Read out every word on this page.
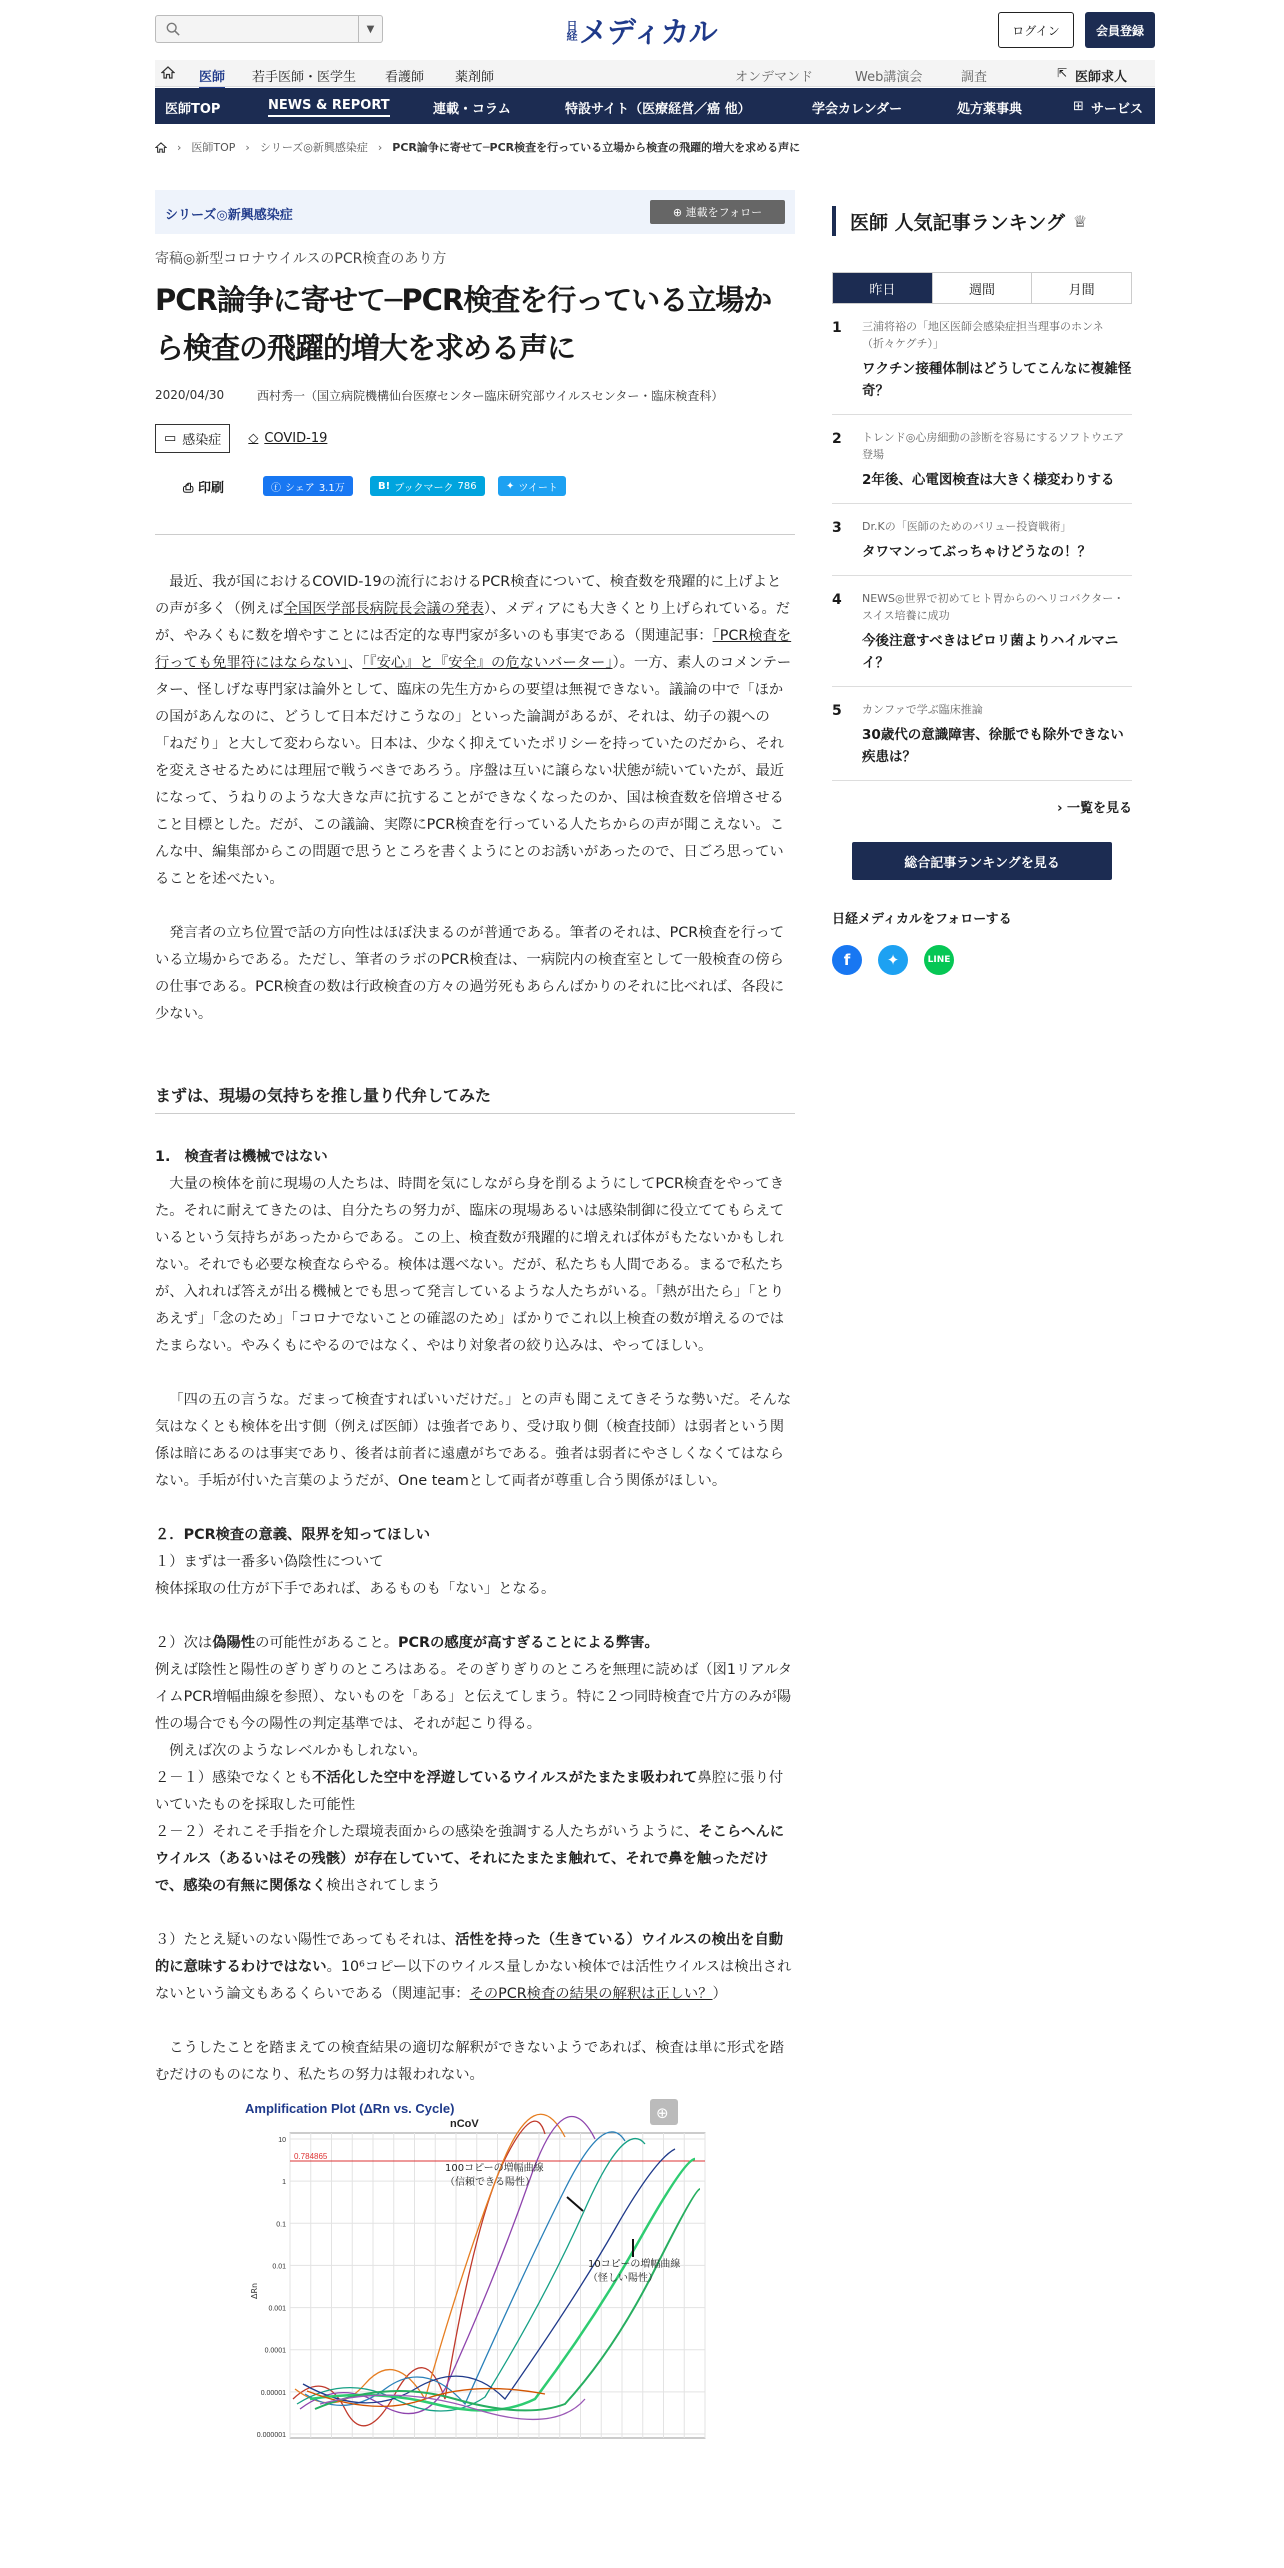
▼	日経 メディカル	ログイン	会員登録
医師 若手医師・医学生 看護師 薬剤師	オンデマンド	Web講演会	調査	⇱ 医師求人
医師TOP	NEWS & REPORT	連載・コラム	特設サイト（医療経営／癌 他）	学会カレンダー	処方薬事典	⊞ サービス
› 医師TOP › シリーズ◎新興感染症 › PCR論争に寄せて─PCR検査を行っている立場から検査の飛躍的増大を求める声に
シリーズ◎新興感染症	⊕ 連載をフォロー
寄稿◎新型コロナウイルスのPCR検査のあり方
PCR論争に寄せて─PCR検査を行っている立場から検査の飛躍的増大を求める声に
2020/04/30	西村秀一（国立病院機構仙台医療センター臨床研究部ウイルスセンター・臨床検査科）
▭ 感染症 ◇ COVID-19
⎙ 印刷	ⓕ シェア 3.1万	B! ブックマーク 786	✦ ツイート

最近、我が国におけるCOVID-19の流行におけるPCR検査について、検査数を飛躍的に上げよとの声が多く（例えば全国医学部長病院長会議の発表）、メディアにも大きくとり上げられている。だが、やみくもに数を増やすことには否定的な専門家が多いのも事実である（関連記事：「PCR検査を行っても免罪符にはならない」、「『安心』と『安全』の危ないバーター」）。一方、素人のコメンテーター、怪しげな専門家は論外として、臨床の先生方からの要望は無視できない。議論の中で「ほかの国があんなのに、どうして日本だけこうなの」といった論調があるが、それは、幼子の親への「ねだり」と大して変わらない。日本は、少なく抑えていたポリシーを持っていたのだから、それを変えさせるためには理屈で戦うべきであろう。序盤は互いに譲らない状態が続いていたが、最近になって、うねりのような大きな声に抗することができなくなったのか、国は検査数を倍増させること目標とした。だが、この議論、実際にPCR検査を行っている人たちからの声が聞こえない。こんな中、編集部からこの問題で思うところを書くようにとのお誘いがあったので、日ごろ思っていることを述べたい。

発言者の立ち位置で話の方向性はほぼ決まるのが普通である。筆者のそれは、PCR検査を行っている立場からである。ただし、筆者のラボのPCR検査は、一病院内の検査室として一般検査の傍らの仕事である。PCR検査の数は行政検査の方々の過労死もあらんばかりのそれに比べれば、各段に少ない。

まずは、現場の気持ちを推し量り代弁してみた
1.　検査者は機械ではない

大量の検体を前に現場の人たちは、時間を気にしながら身を削るようにしてPCR検査をやってきた。それに耐えてきたのは、自分たちの努力が、臨床の現場あるいは感染制御に役立ててもらえているという気持ちがあったからである。この上、検査数が飛躍的に増えれば体がもたないかもしれない。それでも必要な検査ならやる。検体は選べない。だが、私たちも人間である。まるで私たちが、入れれば答えが出る機械とでも思って発言しているような人たちがいる。「熱が出たら」「とりあえず」「念のため」「コロナでないことの確認のため」ばかりでこれ以上検査の数が増えるのではたまらない。やみくもにやるのではなく、やはり対象者の絞り込みは、やってほしい。

「四の五の言うな。だまって検査すればいいだけだ。」との声も聞こえてきそうな勢いだ。そんな気はなくとも検体を出す側（例えば医師）は強者であり、受け取り側（検査技師）は弱者という関係は暗にあるのは事実であり、後者は前者に遠慮がちである。強者は弱者にやさしくなくてはならない。手垢が付いた言葉のようだが、One teamとして両者が尊重し合う関係がほしい。

２．PCR検査の意義、限界を知ってほしい
１）まずは一番多い偽陰性について
検体採取の仕方が下手であれば、あるものも「ない」となる。
２）次は偽陽性の可能性があること。PCRの感度が高すぎることによる弊害。
例えば陰性と陽性のぎりぎりのところはある。そのぎりぎりのところを無理に読めば（図1リアルタイムPCR増幅曲線を参照）、ないものを「ある」と伝えてしまう。特に２つ同時検査で片方のみが陽性の場合でも今の陽性の判定基準では、それが起こり得る。

例えば次のようなレベルかもしれない。

２－１）感染でなくとも不活化した空中を浮遊しているウイルスがたまたま吸われて鼻腔に張り付いていたものを採取した可能性
２－２）それこそ手指を介した環境表面からの感染を強調する人たちがいうように、そこらへんにウイルス（あるいはその残骸）が存在していて、それにたまたま触れて、それで鼻を触っただけで、感染の有無に関係なく検出されてしまう
３）たとえ疑いのない陽性であってもそれは、活性を持った（生きている）ウイルスの検出を自動的に意味するわけではない。10⁶コピー以下のウイルス量しかない検体では活性ウイルスは検出されないという論文もあるくらいである（関連記事：そのPCR検査の結果の解釈は正しい？）

こうしたことを踏まえての検査結果の適切な解釈ができないようであれば、検査は単に形式を踏むだけのものになり、私たちの努力は報われない。

Amplification Plot (ΔRn vs. Cycle)
nCoV
10
1
0.1
0.01
0.001
0.0001
0.00001
0.000001
ΔRn
0.784865
⊕
100コピーの増幅曲線
（信頼できる陽性）
10コピーの増幅曲線
（怪しい陽性）
医師 人気記事ランキング ♕
昨日	週間	月間
1	三浦将裕の「地区医師会感染症担当理事のホンネ（折々ケグチ）」
ワクチン接種体制はどうしてこんなに複雑怪奇？
2	トレンド◎心房細動の診断を容易にするソフトウエア登場
2年後、心電図検査は大きく様変わりする
3	Dr.Kの「医師のためのバリュー投資戦術」
タワマンってぶっちゃけどうなの！？
4	NEWS◎世界で初めてヒト胃からのヘリコバクター・スイス培養に成功
今後注意すべきはピロリ菌よりハイルマニイ？
5	カンファで学ぶ臨床推論
30歳代の意識障害、徐脈でも除外できない疾患は？
› 一覧を見る
総合記事ランキングを見る
日経メディカルをフォローする
f	✦	LINE
